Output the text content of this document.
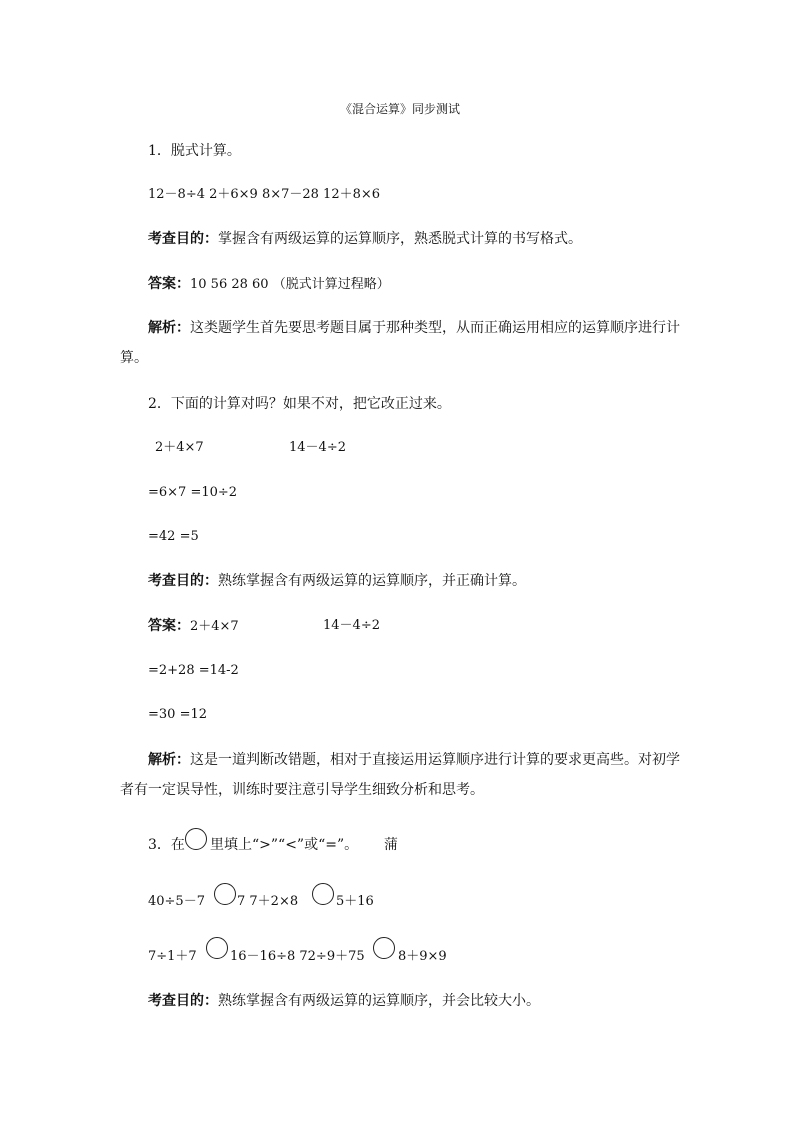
《混合运算》同步测试
1．脱式计算。
12－8÷4 2＋6×9 8×7－28 12＋8×6
考查目的：掌握含有两级运算的运算顺序，熟悉脱式计算的书写格式。
答案：10 56 28 60 （脱式计算过程略）
解析：这类题学生首先要思考题目属于那种类型，从而正确运用相应的运算顺序进行计
算。
2．下面的计算对吗？如果不对，把它改正过来。
2＋4×7	14－4÷2
=6×7 =10÷2
=42 =5
考查目的：熟练掌握含有两级运算的运算顺序，并正确计算。
答案：2＋4×7	14－4÷2
=2+28 =14-2
=30 =12
解析：这是一道判断改错题，相对于直接运用运算顺序进行计算的要求更高些。对初学
者有一定误导性，训练时要注意引导学生细致分析和思考。
3．在 里填上“>”“<”或“=”。 蒲
40÷5－7 7 7＋2×8	5＋16
7÷1＋7	16－16÷8 72÷9＋75	8＋9×9
考查目的：熟练掌握含有两级运算的运算顺序，并会比较大小。
